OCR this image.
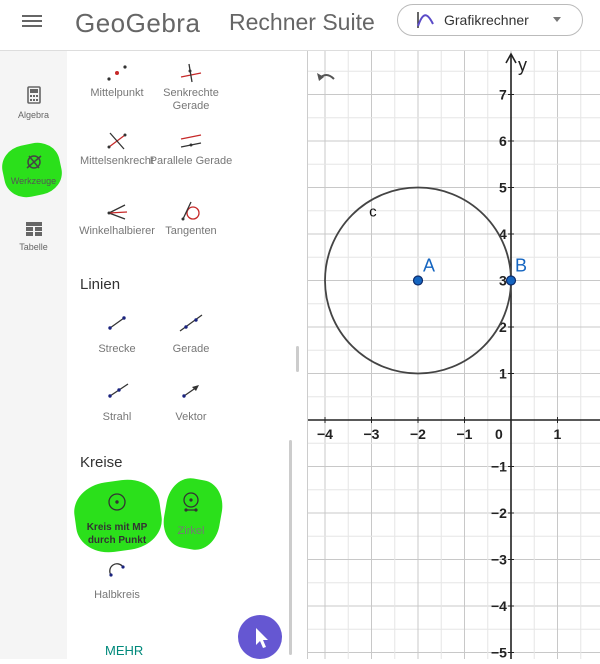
GeoGebra Rechner Suite	Grafikrechner
Algebra
Werkzeuge
Tabelle
Mittelpunkt	Senkrechte Gerade
Mittelsenkrecht
Parallele Gerade
Winkelhalbierer Tangenten
Linien
Strecke	Gerade
Strahl	Vektor
Kreise
Kreis mit MP durch Punkt
Zirkel
Halbkreis
MEHR
−4 −3 −2 −1 0	1
7
6
5
4
3
2
1
−1
−2
−3
−4
−5
c
A	B
y
